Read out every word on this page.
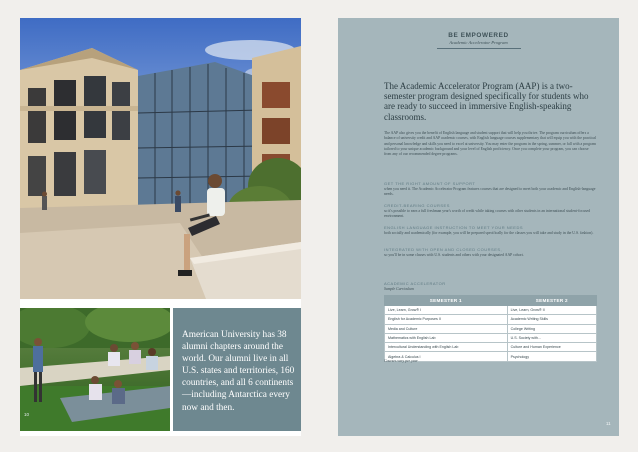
10
American University has 38 alumni chapters around the world. Our alumni live in all U.S. states and territories, 160 countries, and all 6 continents—including Antarctica every now and then.
BE EMPOWERED
Academic Accelerator Program
The Academic Accelerator Program (AAP) is a two-semester program designed specifically for students who are ready to succeed in immersive English-speaking classrooms.
The AAP also gives you the benefit of English language and student support that will help you thrive. The program curriculum offers a balance of university credit and AAP academic courses, with English language courses supplementary that will equip you with the practical and personal knowledge and skills you need to excel at university. You may enter the program in the spring, summer, or fall with a program tailored to your unique academic background and your level of English proficiency. Once you complete your program, you can choose from any of our recommended degree programs.
GET THE RIGHT AMOUNT OF SUPPORT
when you need it. The Academic Accelerator Program features courses that are designed to meet both your academic and English-language needs.
CREDIT-BEARING COURSES
so it's possible to earn a full freshman year's worth of credit while taking courses with other students in an international student-focused environment.
ENGLISH LANGUAGE INSTRUCTION TO MEET YOUR NEEDS
both socially and academically (for example, you will be prepared specifically for the classes you will take and study in the U.S. fashion).
INTEGRATED WITH OPEN AND CLOSED COURSES,
so you'll be in some classes with U.S. students and others with your designated AAP cohort.
ACADEMIC ACCELERATOR
Sample Curriculum
SEMESTER 1	SEMESTER 2
Live, Learn, Grow® I	Live, Learn, Grow® II
English for Academic Purposes II	Academic Writing Skills
Media and Culture	College Writing
Mathematics with English Lab	U.S. Society with...
Intercultural Understanding with English Lab	Culture and Human Experience
Algebra & Calculus I	Psychology
Courses vary per year
11
